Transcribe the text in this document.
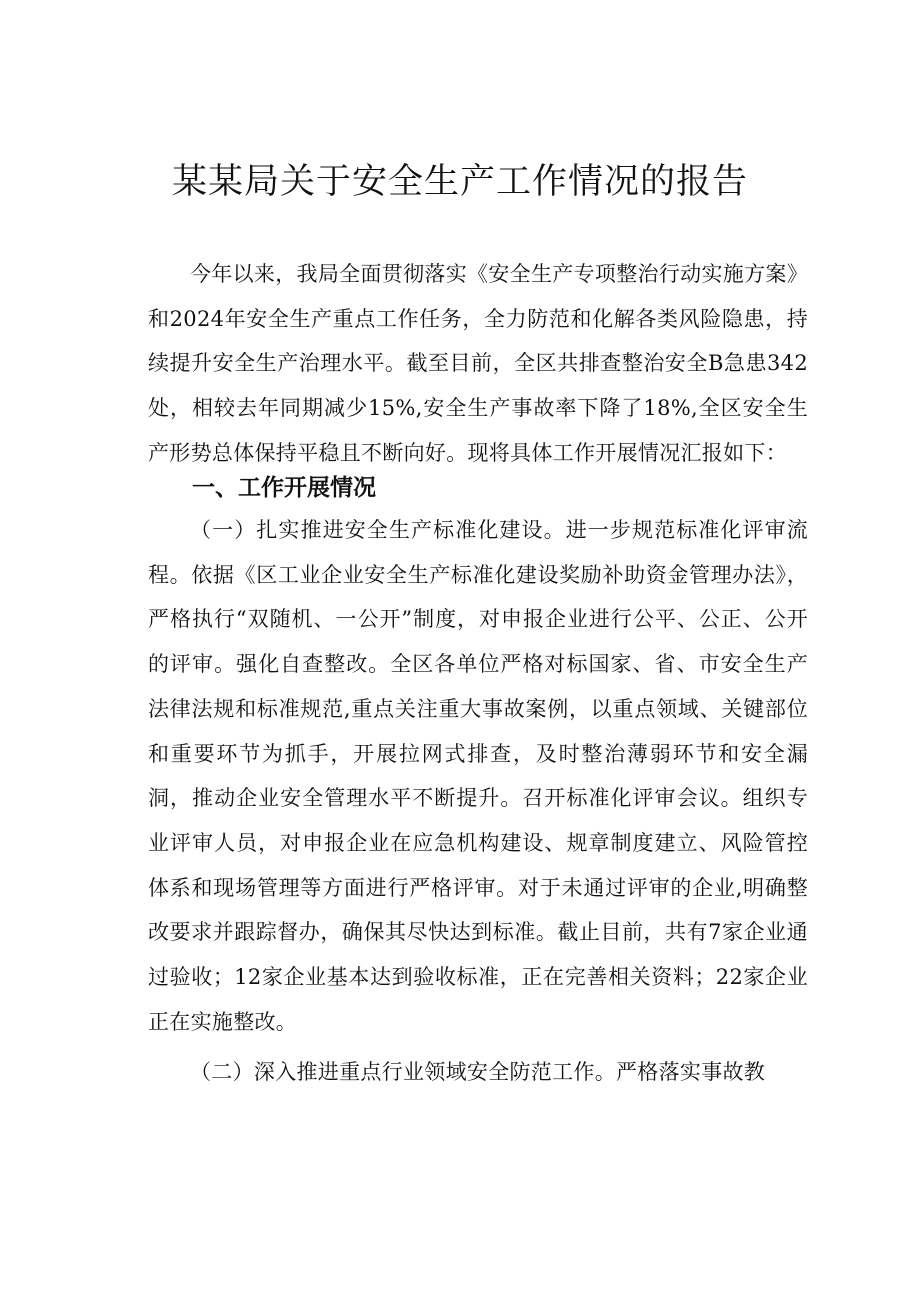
某某局关于安全生产工作情况的报告

今年以来，我局全面贯彻落实《安全生产专项整治行动实施方案》和2024年安全生产重点工作任务，全力防范和化解各类风险隐患，持续提升安全生产治理水平。截至目前，全区共排查整治安全B急患342处，相较去年同期减少15%,安全生产事故率下降了18%,全区安全生产形势总体保持平稳且不断向好。现将具体工作开展情况汇报如下：

一、工作开展情况

（一）扎实推进安全生产标准化建设。进一步规范标准化评审流程。依据《区工业企业安全生产标准化建设奖励补助资金管理办法》，严格执行“双随机、一公开”制度，对申报企业进行公平、公正、公开的评审。强化自查整改。全区各单位严格对标国家、省、市安全生产法律法规和标准规范,重点关注重大事故案例，以重点领域、关键部位和重要环节为抓手，开展拉网式排查，及时整治薄弱环节和安全漏洞，推动企业安全管理水平不断提升。召开标准化评审会议。组织专业评审人员，对申报企业在应急机构建设、规章制度建立、风险管控体系和现场管理等方面进行严格评审。对于未通过评审的企业,明确整改要求并跟踪督办，确保其尽快达到标准。截止目前，共有7家企业通过验收；12家企业基本达到验收标准，正在完善相关资料；22家企业正在实施整改。

（二）深入推进重点行业领域安全防范工作。严格落实事故教
